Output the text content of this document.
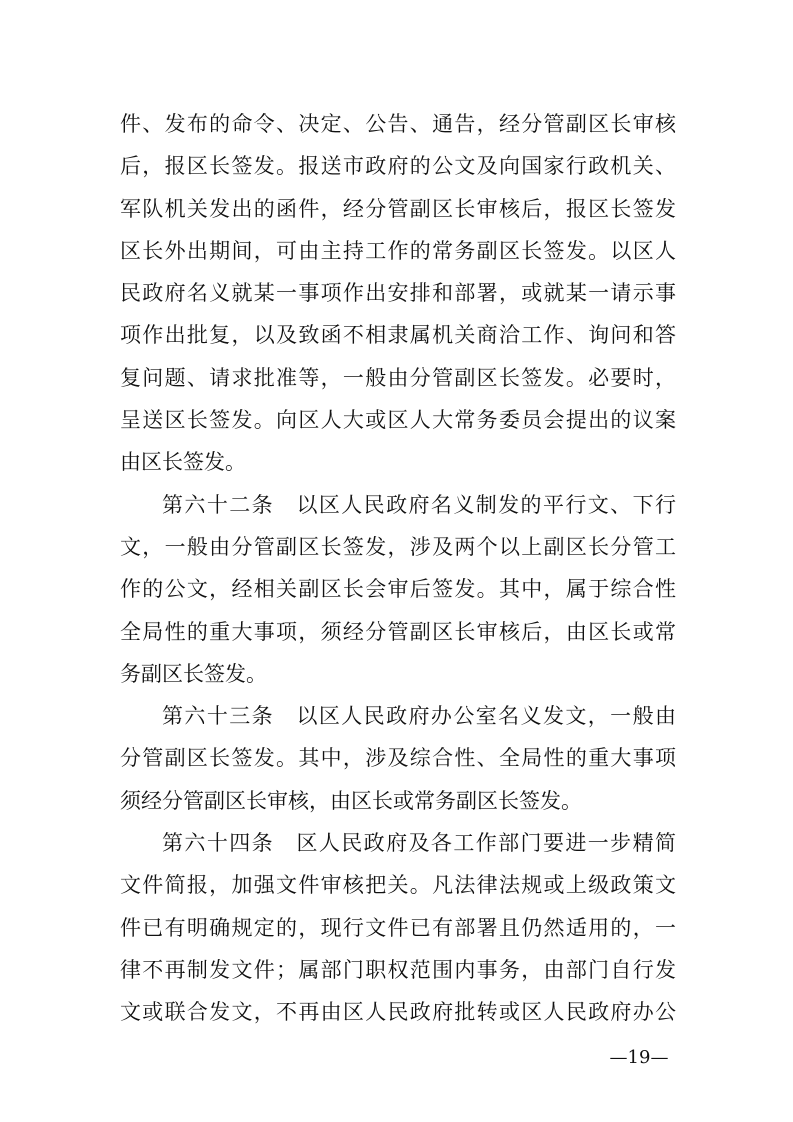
件、发布的命令、决定、公告、通告，经分管副区长审核
后，报区长签发。报送市政府的公文及向国家行政机关、
军队机关发出的函件，经分管副区长审核后，报区长签发
区长外出期间，可由主持工作的常务副区长签发。以区人
民政府名义就某一事项作出安排和部署，或就某一请示事
项作出批复，以及致函不相隶属机关商洽工作、询问和答
复问题、请求批准等，一般由分管副区长签发。必要时，
呈送区长签发。向区人大或区人大常务委员会提出的议案
由区长签发。
第六十二条　以区人民政府名义制发的平行文、下行
文，一般由分管副区长签发，涉及两个以上副区长分管工
作的公文，经相关副区长会审后签发。其中，属于综合性
全局性的重大事项，须经分管副区长审核后，由区长或常
务副区长签发。
第六十三条　以区人民政府办公室名义发文，一般由
分管副区长签发。其中，涉及综合性、全局性的重大事项
须经分管副区长审核，由区长或常务副区长签发。
第六十四条　区人民政府及各工作部门要进一步精简
文件简报，加强文件审核把关。凡法律法规或上级政策文
件已有明确规定的，现行文件已有部署且仍然适用的，一
律不再制发文件；属部门职权范围内事务，由部门自行发
文或联合发文，不再由区人民政府批转或区人民政府办公
—19—
